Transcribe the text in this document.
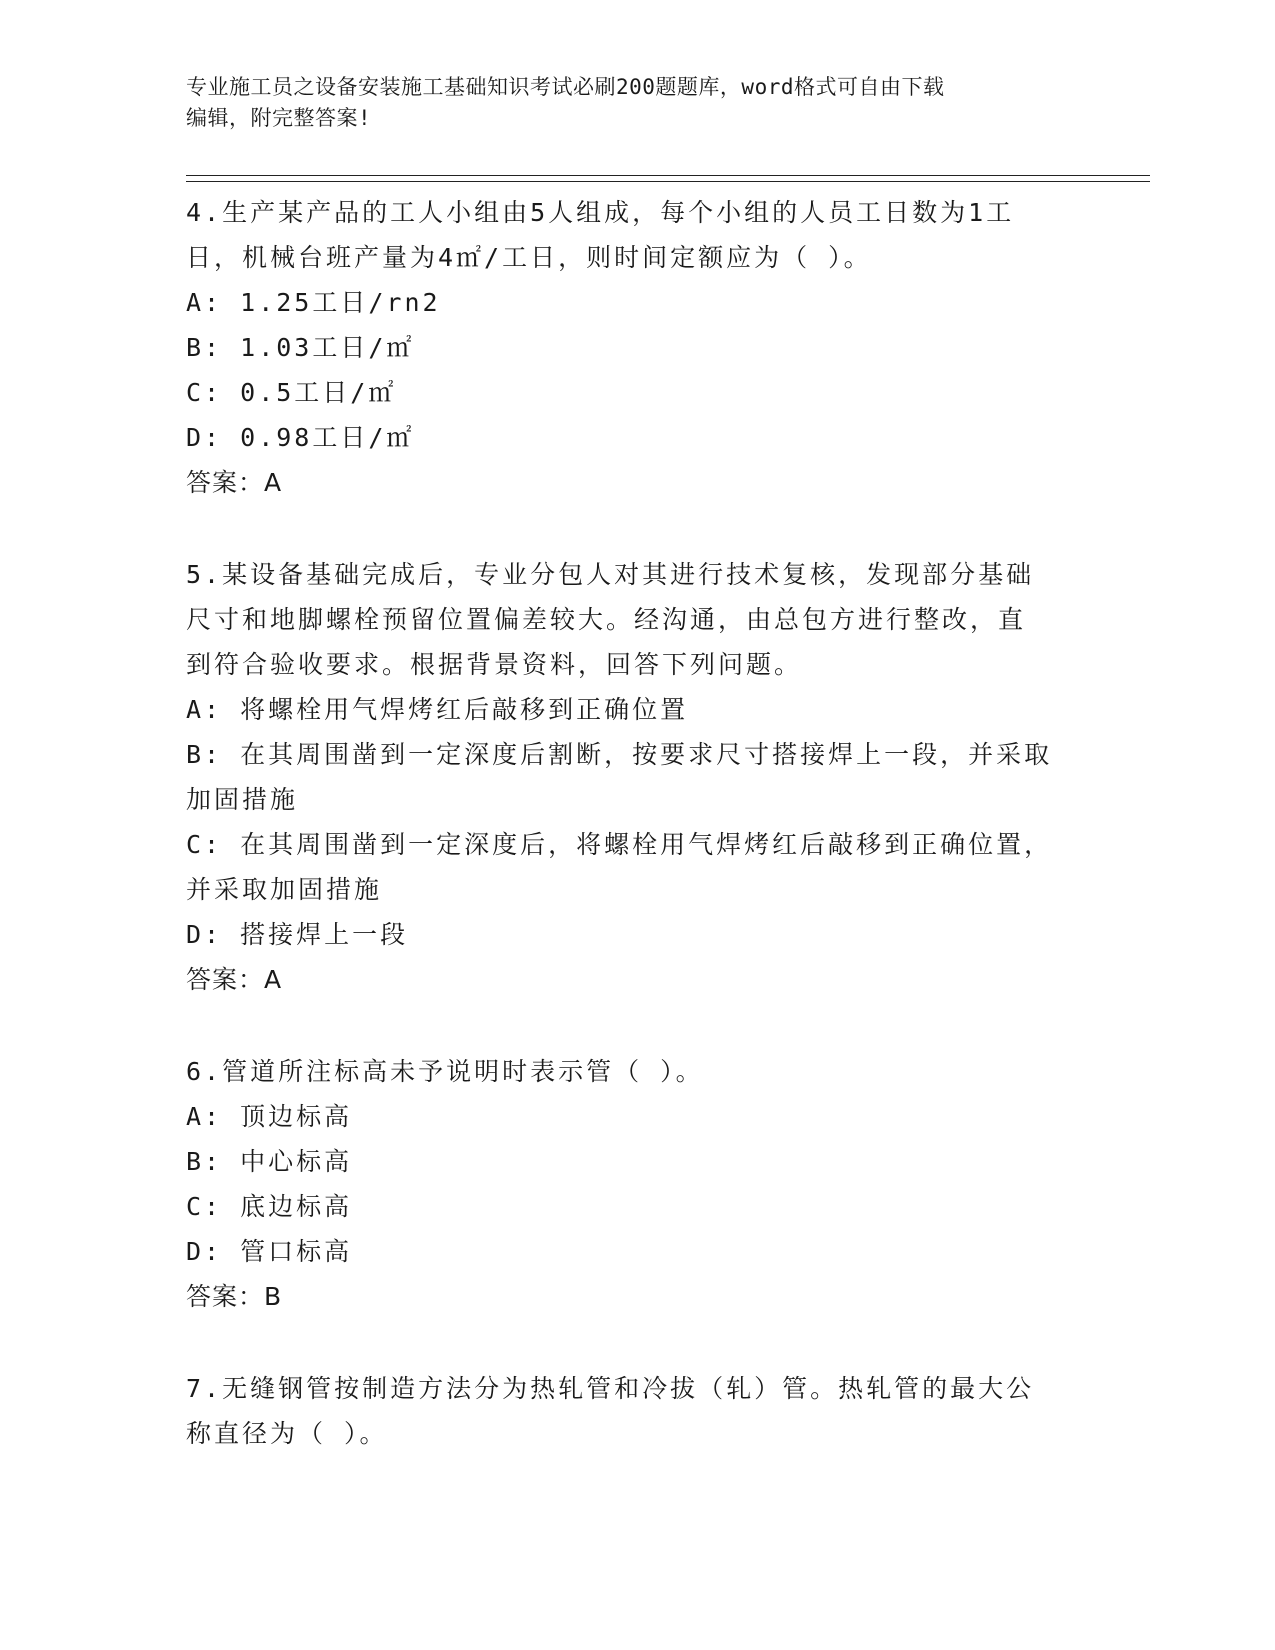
专业施工员之设备安装施工基础知识考试必刷200题题库，word格式可自由下载
编辑，附完整答案!
4.生产某产品的工人小组由5人组成，每个小组的人员工日数为1工
日，机械台班产量为4㎡/工日，则时间定额应为（ ）。
A: 1.25工日/rn2
B: 1.03工日/㎡
C: 0.5工日/㎡
D: 0.98工日/㎡
答案：A
5.某设备基础完成后，专业分包人对其进行技术复核，发现部分基础
尺寸和地脚螺栓预留位置偏差较大。经沟通，由总包方进行整改，直
到符合验收要求。根据背景资料，回答下列问题。
A: 将螺栓用气焊烤红后敲移到正确位置
B: 在其周围凿到一定深度后割断，按要求尺寸搭接焊上一段，并采取
加固措施
C: 在其周围凿到一定深度后，将螺栓用气焊烤红后敲移到正确位置，
并采取加固措施
D: 搭接焊上一段
答案：A
6.管道所注标高未予说明时表示管（ ）。
A: 顶边标高
B: 中心标高
C: 底边标高
D: 管口标高
答案：B
7.无缝钢管按制造方法分为热轧管和冷拔（轧）管。热轧管的最大公
称直径为（ ）。
